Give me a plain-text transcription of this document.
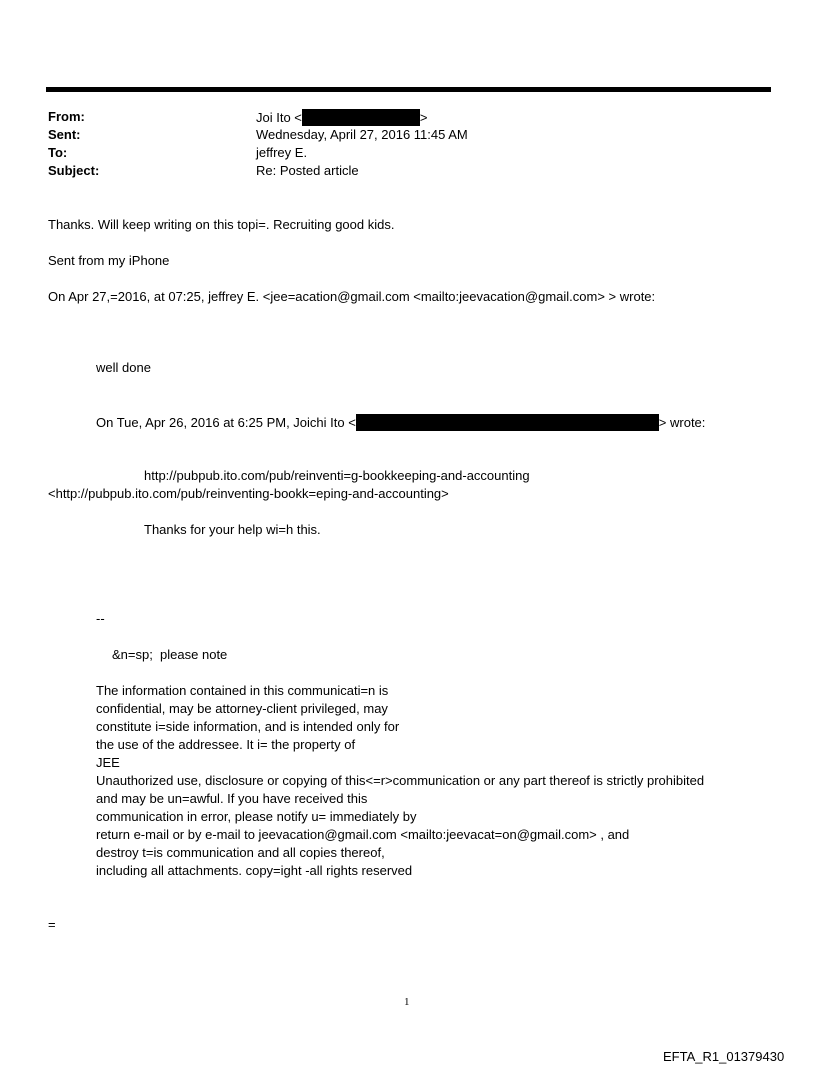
From:
Sent:
To:
Subject:
Joi Ito <	>
Wednesday, April 27, 2016 11:45 AM
jeffrey E.
Re: Posted article
Thanks. Will keep writing on this topi=. Recruiting good kids.
Sent from my iPhone
On Apr 27,=2016, at 07:25, jeffrey E. <jee=acation@gmail.com <mailto:jeevacation@gmail.com> > wrote:
well done
On Tue, Apr 26, 2016 at 6:25 PM, Joichi Ito <	> wrote:
http://pubpub.ito.com/pub/reinventi=g-bookkeeping-and-accounting
<http://pubpub.ito.com/pub/reinventing-bookk=eping-and-accounting>
Thanks for your help wi=h this.
--
&n=sp;  please note
The information contained in this communicati=n is
confidential, may be attorney-client privileged, may
constitute i=side information, and is intended only for
the use of the addressee. It i= the property of
JEE
Unauthorized use, disclosure or copying of this<=r>communication or any part thereof is strictly prohibited
and may be un=awful. If you have received this
communication in error, please notify u= immediately by
return e-mail or by e-mail to jeevacation@gmail.com <mailto:jeevacat=on@gmail.com> , and
destroy t=is communication and all copies thereof,
including all attachments. copy=ight -all rights reserved
=
1
EFTA_R1_01379430
